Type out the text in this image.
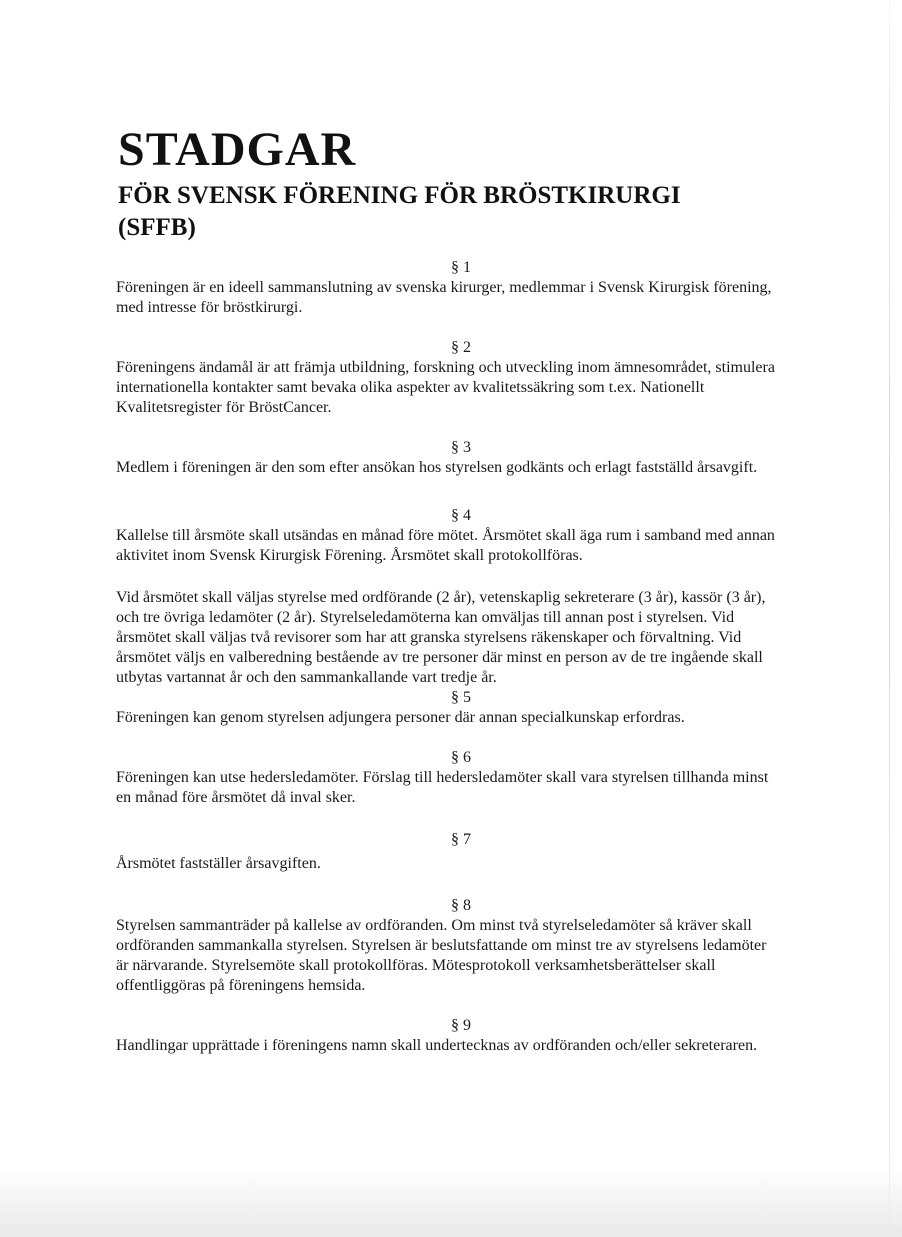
STADGAR
FÖR SVENSK FÖRENING FÖR BRÖSTKIRURGI
(SFFB)
§ 1

Föreningen är en ideell sammanslutning av svenska kirurger, medlemmar i Svensk Kirurgisk förening, med intresse för bröstkirurgi.

§ 2

Föreningens ändamål är att främja utbildning, forskning och utveckling inom ämnesområdet, stimulera internationella kontakter samt bevaka olika aspekter av kvalitetssäkring som t.ex. Nationellt Kvalitetsregister för BröstCancer.

§ 3

Medlem i föreningen är den som efter ansökan hos styrelsen godkänts och erlagt fastställd årsavgift.

§ 4

Kallelse till årsmöte skall utsändas en månad före mötet. Årsmötet skall äga rum i samband med annan aktivitet inom Svensk Kirurgisk Förening. Årsmötet skall protokollföras.

Vid årsmötet skall väljas styrelse med ordförande (2 år), vetenskaplig sekreterare (3 år), kassör (3 år), och tre övriga ledamöter (2 år). Styrelseledamöterna kan omväljas till annan post i styrelsen. Vid årsmötet skall väljas två revisorer som har att granska styrelsens räkenskaper och förvaltning. Vid årsmötet väljs en valberedning bestående av tre personer där minst en person av de tre ingående skall utbytas vartannat år och den sammankallande vart tredje år.

§ 5

Föreningen kan genom styrelsen adjungera personer där annan specialkunskap erfordras.

§ 6

Föreningen kan utse hedersledamöter. Förslag till hedersledamöter skall vara styrelsen tillhanda minst en månad före årsmötet då inval sker.

§ 7

Årsmötet fastställer årsavgiften.

§ 8

Styrelsen sammanträder på kallelse av ordföranden. Om minst två styrelseledamöter så kräver skall ordföranden sammankalla styrelsen. Styrelsen är beslutsfattande om minst tre av styrelsens ledamöter är närvarande. Styrelsemöte skall protokollföras. Mötesprotokoll verksamhetsberättelser skall offentliggöras på föreningens hemsida.

§ 9

Handlingar upprättade i föreningens namn skall undertecknas av ordföranden och/eller sekreteraren.
